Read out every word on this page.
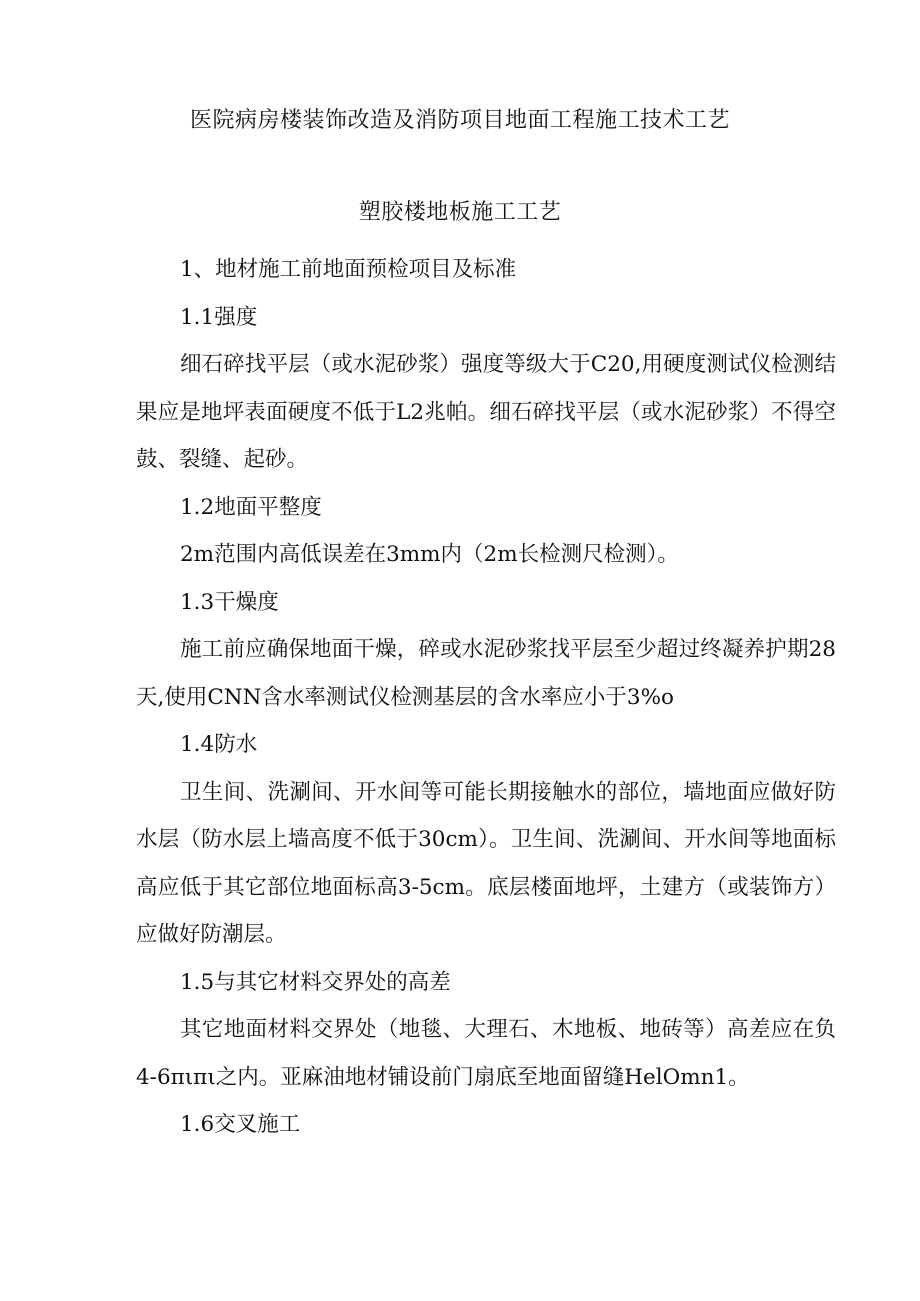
医院病房楼装饰改造及消防项目地面工程施工技术工艺
塑胶楼地板施工工艺

1、地材施工前地面预检项目及标准

1.1强度

细石碎找平层（或水泥砂浆）强度等级大于C20,用硬度测试仪检测结果应是地坪表面硬度不低于L2兆帕。细石碎找平层（或水泥砂浆）不得空鼓、裂缝、起砂。

1.2地面平整度

2m范围内高低误差在3mm内（2m长检测尺检测）。

1.3干燥度

施工前应确保地面干燥，碎或水泥砂浆找平层至少超过终凝养护期28天,使用CNN含水率测试仪检测基层的含水率应小于3%o

1.4防水

卫生间、洗涮间、开水间等可能长期接触水的部位，墙地面应做好防水层（防水层上墙高度不低于30cm）。卫生间、洗涮间、开水间等地面标高应低于其它部位地面标高3-5cm。底层楼面地坪，土建方（或装饰方）应做好防潮层。

1.5与其它材料交界处的高差

其它地面材料交界处（地毯、大理石、木地板、地砖等）高差应在负4-6πιπι之内。亚麻油地材铺设前门扇底至地面留缝HelOmn1。

1.6交叉施工
